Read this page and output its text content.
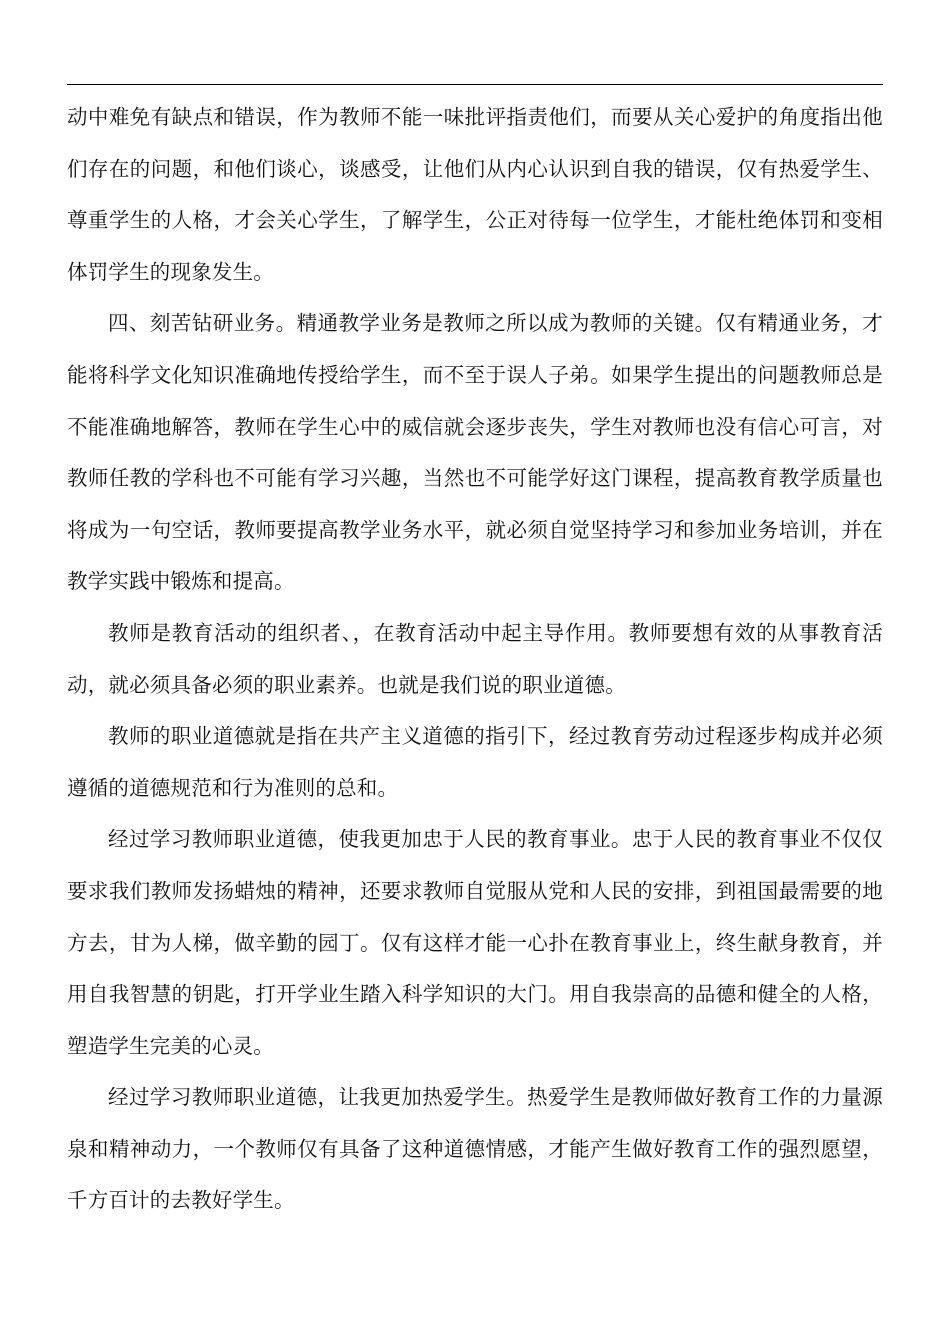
动中难免有缺点和错误，作为教师不能一味批评指责他们，而要从关心爱护的角度指出他们存在的问题，和他们谈心，谈感受，让他们从内心认识到自我的错误，仅有热爱学生、尊重学生的人格，才会关心学生，了解学生，公正对待每一位学生，才能杜绝体罚和变相体罚学生的现象发生。

四、刻苦钻研业务。精通教学业务是教师之所以成为教师的关键。仅有精通业务，才能将科学文化知识准确地传授给学生，而不至于误人子弟。如果学生提出的问题教师总是不能准确地解答，教师在学生心中的威信就会逐步丧失，学生对教师也没有信心可言，对教师任教的学科也不可能有学习兴趣，当然也不可能学好这门课程，提高教育教学质量也将成为一句空话，教师要提高教学业务水平，就必须自觉坚持学习和参加业务培训，并在教学实践中锻炼和提高。

教师是教育活动的组织者、，在教育活动中起主导作用。教师要想有效的从事教育活动，就必须具备必须的职业素养。也就是我们说的职业道德。

教师的职业道德就是指在共产主义道德的指引下，经过教育劳动过程逐步构成并必须遵循的道德规范和行为准则的总和。

经过学习教师职业道德，使我更加忠于人民的教育事业。忠于人民的教育事业不仅仅要求我们教师发扬蜡烛的精神，还要求教师自觉服从党和人民的安排，到祖国最需要的地方去，甘为人梯，做辛勤的园丁。仅有这样才能一心扑在教育事业上，终生献身教育，并用自我智慧的钥匙，打开学业生踏入科学知识的大门。用自我崇高的品德和健全的人格，塑造学生完美的心灵。

经过学习教师职业道德，让我更加热爱学生。热爱学生是教师做好教育工作的力量源泉和精神动力，一个教师仅有具备了这种道德情感，才能产生做好教育工作的强烈愿望，千方百计的去教好学生。
